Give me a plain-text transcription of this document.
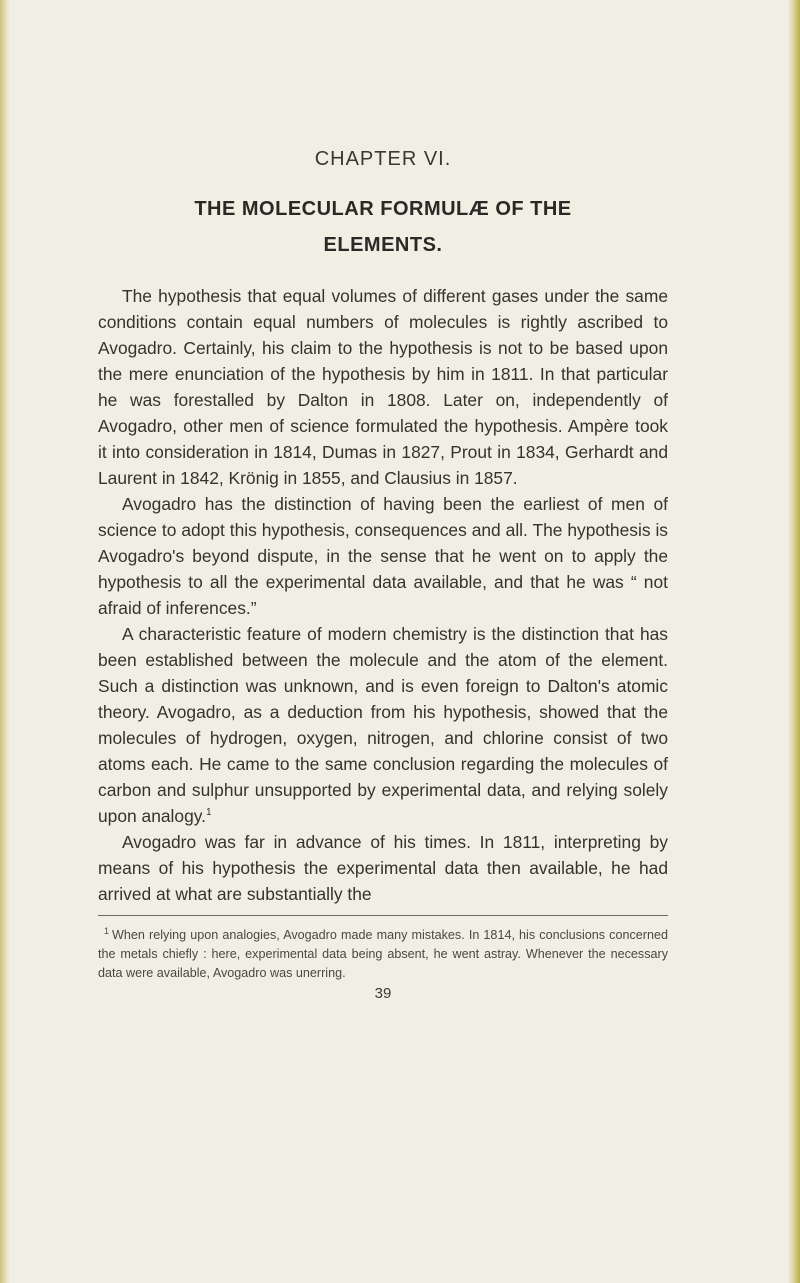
CHAPTER VI.
THE MOLECULAR FORMULÆ OF THE
ELEMENTS.

The hypothesis that equal volumes of different gases under the same conditions contain equal numbers of molecules is rightly ascribed to Avogadro. Certainly, his claim to the hypothesis is not to be based upon the mere enunciation of the hypothesis by him in 1811. In that particular he was forestalled by Dalton in 1808. Later on, independently of Avogadro, other men of science formulated the hypothesis. Ampère took it into consideration in 1814, Dumas in 1827, Prout in 1834, Gerhardt and Laurent in 1842, Krönig in 1855, and Clausius in 1857.

Avogadro has the distinction of having been the earliest of men of science to adopt this hypothesis, consequences and all. The hypothesis is Avogadro's beyond dispute, in the sense that he went on to apply the hypothesis to all the experimental data available, and that he was “ not afraid of inferences.”

A characteristic feature of modern chemistry is the distinction that has been established between the molecule and the atom of the element. Such a distinction was unknown, and is even foreign to Dalton's atomic theory. Avogadro, as a deduction from his hypothesis, showed that the molecules of hydrogen, oxygen, nitrogen, and chlorine consist of two atoms each. He came to the same conclusion regarding the molecules of carbon and sulphur unsupported by experimental data, and relying solely upon analogy.$^1$

Avogadro was far in advance of his times. In 1811, interpreting by means of his hypothesis the experimental data then available, he had arrived at what are substantially the

$^1$ When relying upon analogies, Avogadro made many mistakes. In 1814, his conclusions concerned the metals chiefly : here, experimental data being absent, he went astray. Whenever the necessary data were available, Avogadro was unerring.

39
